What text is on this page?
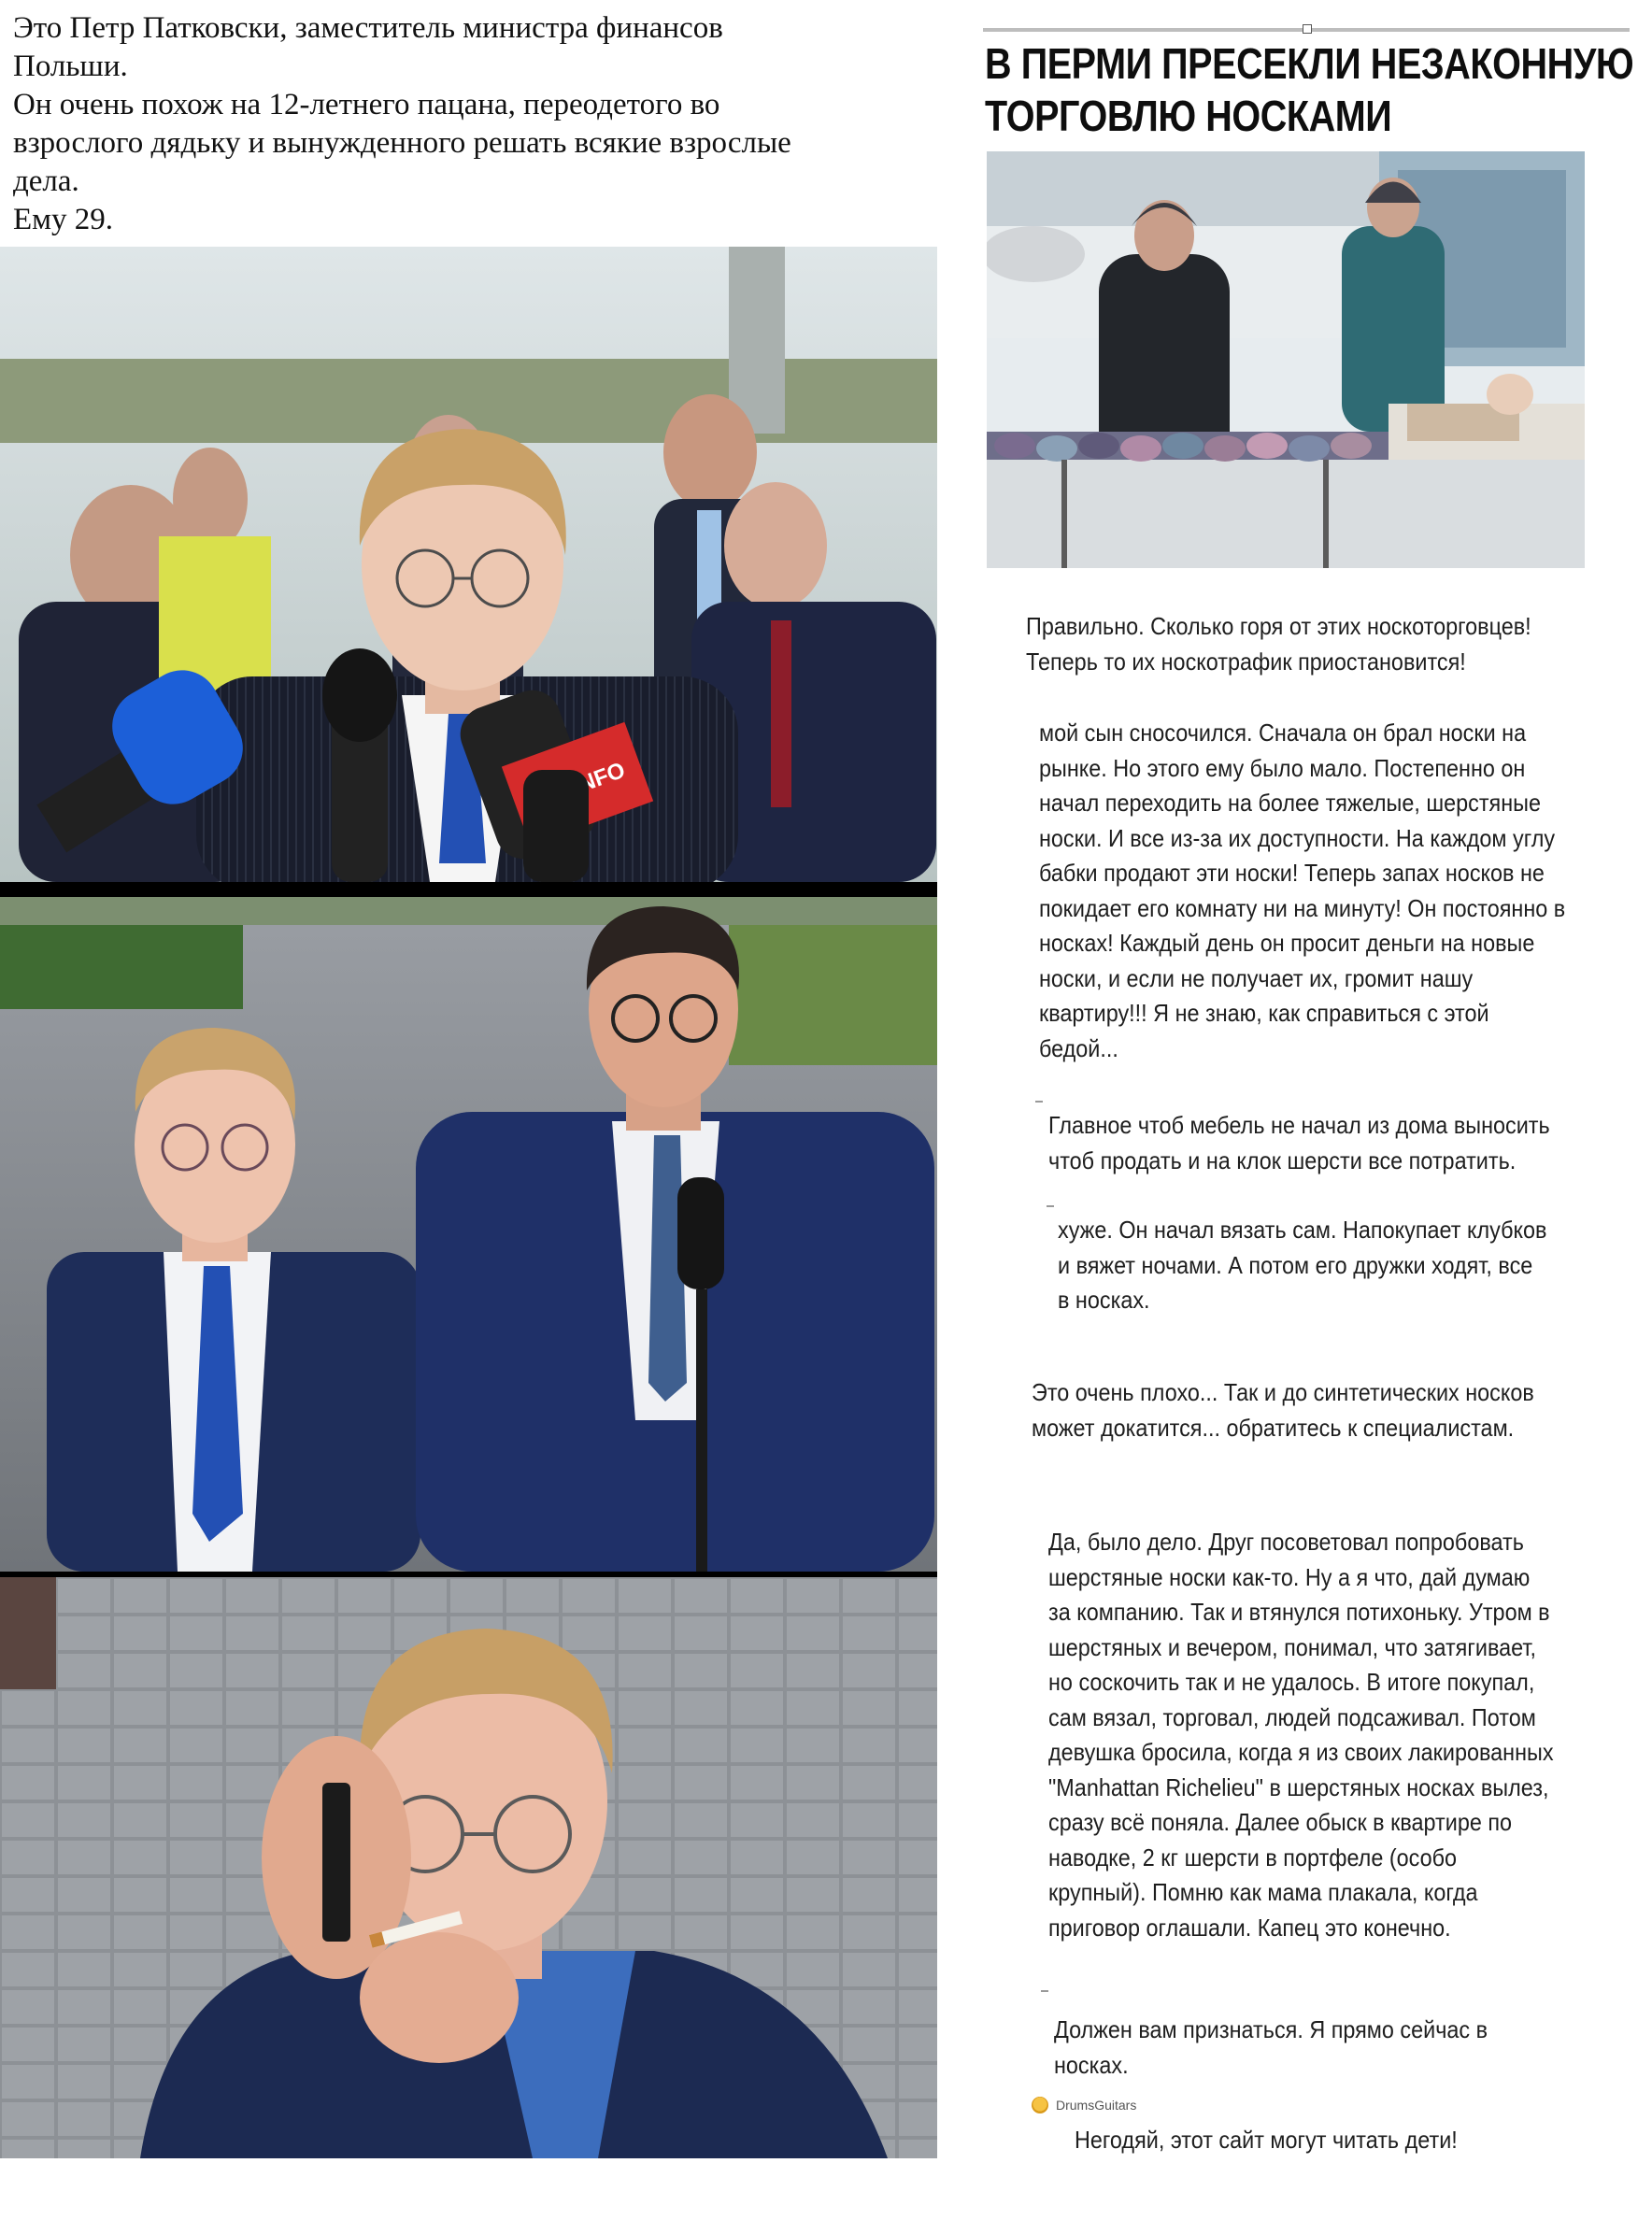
Это Петр Патковски, заместитель министра финансов

Польши.

Он очень похож на 12-летнего пацана, переодетого во

взрослого дядьку и вынужденного решать всякие взрослые

дела.

Ему 29.

INFO
В ПЕРМИ ПРЕСЕКЛИ НЕЗАКОННУЮ
ТОРГОВЛЮ НОСКАМИ

Правильно. Сколько горя от этих носкоторговцев!

Теперь то их носкотрафик приостановится!

мой сын сносочился. Сначала он брал носки на

рынке. Но этого ему было мало. Постепенно он

начал переходить на более тяжелые, шерстяные

носки. И все из-за их доступности. На каждом углу

бабки продают эти носки! Теперь запах носков не

покидает его комнату ни на минуту! Он постоянно в

носках! Каждый день он просит деньги на новые

носки, и если не получает их, громит нашу

квартиру!!! Я не знаю, как справиться с этой

бедой...

Главное чтоб мебель не начал из дома выносить

чтоб продать и на клок шерсти все потратить.

хуже. Он начал вязать сам. Напокупает клубков

и вяжет ночами. А потом его дружки ходят, все

в носках.

Это очень плохо... Так и до синтетических носков

может докатится... обратитесь к специалистам.

Да, было дело. Друг посоветовал попробовать

шерстяные носки как-то. Ну а я что, дай думаю

за компанию. Так и втянулся потихоньку. Утром в

шерстяных и вечером, понимал, что затягивает,

но соскочить так и не удалось. В итоге покупал,

сам вязал, торговал, людей подсаживал. Потом

девушка бросила, когда я из своих лакированных

"Manhattan Richelieu" в шерстяных носках вылез,

сразу всё поняла. Далее обыск в квартире по

наводке, 2 кг шерсти в портфеле (особо

крупный). Помню как мама плакала, когда

приговор оглашали. Капец это конечно.

Должен вам признаться. Я прямо сейчас в

носках.

DrumsGuitars

Негодяй, этот сайт могут читать дети!
